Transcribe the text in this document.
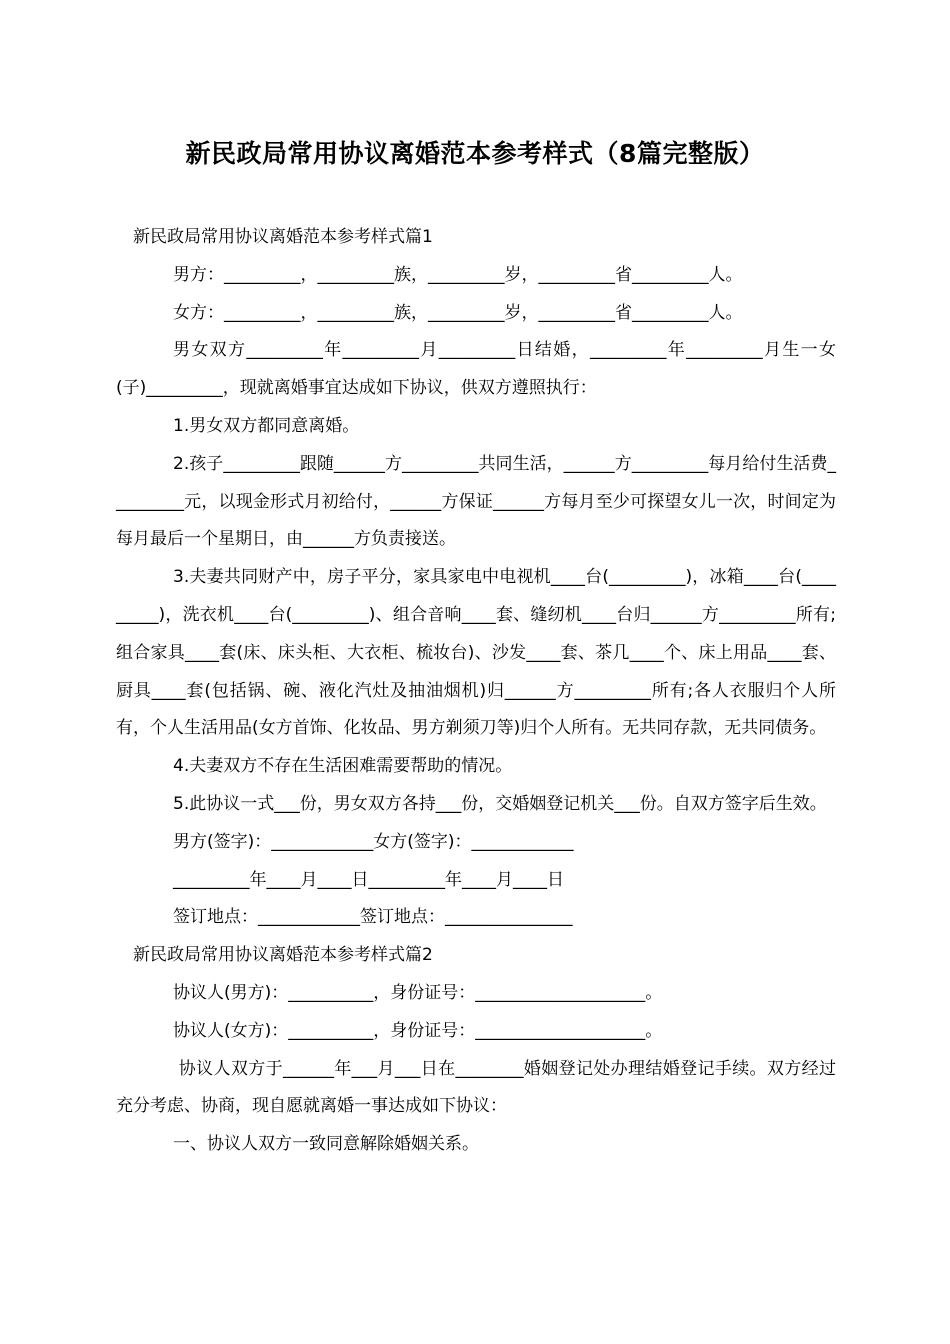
新民政局常用协议离婚范本参考样式（8篇完整版）

新民政局常用协议离婚范本参考样式篇1

男方：_________，_________族，_________岁，_________省_________人。

女方：_________，_________族，_________岁，_________省_________人。

男女双方_________年_________月_________日结婚，_________年_________月生一女(子)_________，现就离婚事宜达成如下协议，供双方遵照执行：

1.男女双方都同意离婚。

2.孩子_________跟随______方_________共同生活，______方_________每月给付生活费_________元，以现金形式月初给付，______方保证______方每月至少可探望女儿一次，时间定为每月最后一个星期日，由______方负责接送。

3.夫妻共同财产中，房子平分，家具家电中电视机____台(_________)，冰箱____台(_________)，洗衣机____台(_________)、组合音响____套、缝纫机____台归______方_________所有;组合家具____套(床、床头柜、大衣柜、梳妆台)、沙发____套、茶几____个、床上用品____套、厨具____套(包括锅、碗、液化汽灶及抽油烟机)归______方_________所有;各人衣服归个人所有，个人生活用品(女方首饰、化妆品、男方剃须刀等)归个人所有。无共同存款，无共同债务。

4.夫妻双方不存在生活困难需要帮助的情况。

5.此协议一式___份，男女双方各持___份，交婚姻登记机关___份。自双方签字后生效。

男方(签字)：____________女方(签字)：____________

_________年____月____日_________年____月____日

签订地点：____________签订地点：_______________

新民政局常用协议离婚范本参考样式篇2

协议人(男方)：__________，身份证号：____________________。

协议人(女方)：__________，身份证号：____________________。

协议人双方于______年___月___日在________婚姻登记处办理结婚登记手续。双方经过充分考虑、协商，现自愿就离婚一事达成如下协议：

一、协议人双方一致同意解除婚姻关系。
